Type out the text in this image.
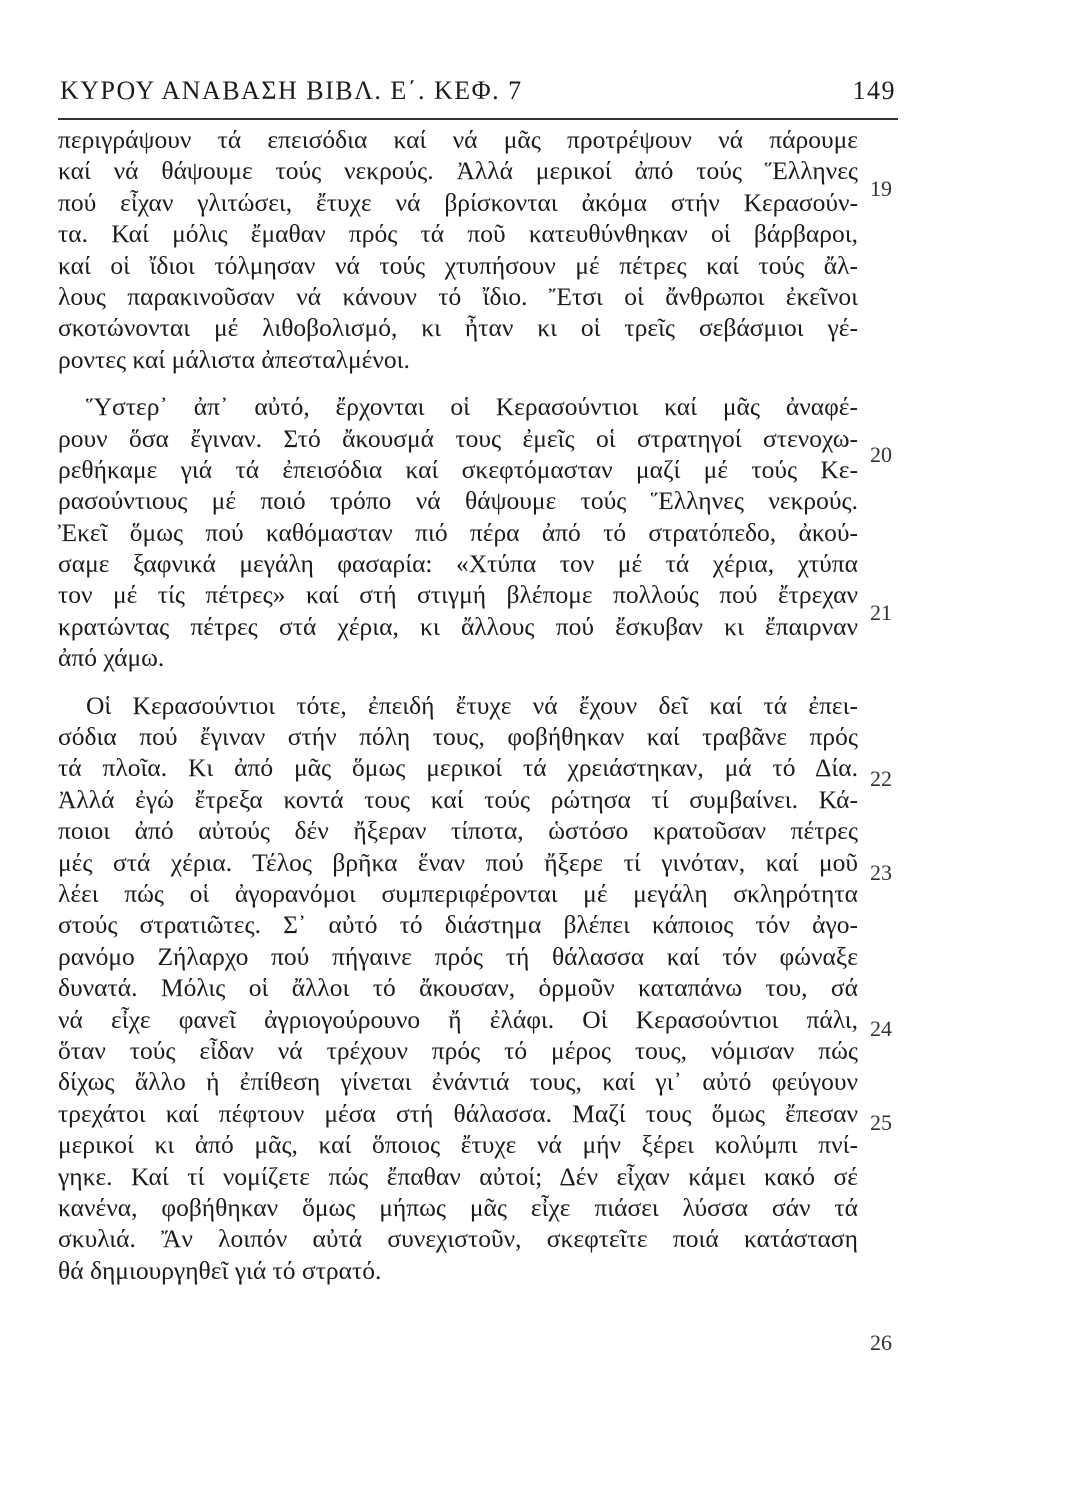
ΚΥΡΟΥ ΑΝΑΒΑΣΗ ΒΙΒΛ. Ε΄. ΚΕΦ. 7	149
περιγράψουν τά επεισόδια καί νά μᾶς προτρέψουν νά πάρουμε
καί νά θάψουμε τούς νεκρούς. Ἀλλά μερικοί ἀπό τούς Ἕλληνες
πού εἶχαν γλιτώσει, ἔτυχε νά βρίσκονται ἀκόμα στήν Κερασούν-
τα. Καί μόλις ἔμαθαν πρός τά ποῦ κατευθύνθηκαν οἱ βάρβαροι,
καί οἱ ἴδιοι τόλμησαν νά τούς χτυπήσουν μέ πέτρες καί τούς ἄλ-
λους παρακινοῦσαν νά κάνουν τό ἴδιο. Ἔτσι οἱ ἄνθρωποι ἐκεῖνοι
σκοτώνονται μέ λιθοβολισμό, κι ἦταν κι οἱ τρεῖς σεβάσμιοι γέ-
ροντες καί μάλιστα ἀπεσταλμένοι.
Ὕστερ᾽ ἀπ᾽ αὐτό, ἔρχονται οἱ Κερασούντιοι καί μᾶς ἀναφέ-
ρουν ὅσα ἔγιναν. Στό ἄκουσμά τους ἐμεῖς οἱ στρατηγοί στενοχω-
ρεθήκαμε γιά τά ἐπεισόδια καί σκεφτόμασταν μαζί μέ τούς Κε-
ρασούντιους μέ ποιό τρόπο νά θάψουμε τούς Ἕλληνες νεκρούς.
Ἐκεῖ ὅμως πού καθόμασταν πιό πέρα ἀπό τό στρατόπεδο, ἀκού-
σαμε ξαφνικά μεγάλη φασαρία: «Χτύπα τον μέ τά χέρια, χτύπα
τον μέ τίς πέτρες» καί στή στιγμή βλέπομε πολλούς πού ἔτρεχαν
κρατώντας πέτρες στά χέρια, κι ἄλλους πού ἔσκυβαν κι ἔπαιρναν
ἀπό χάμω.
Οἱ Κερασούντιοι τότε, ἐπειδή ἔτυχε νά ἔχουν δεῖ καί τά ἐπει-
σόδια πού ἔγιναν στήν πόλη τους, φοβήθηκαν καί τραβᾶνε πρός
τά πλοῖα. Κι ἀπό μᾶς ὅμως μερικοί τά χρειάστηκαν, μά τό Δία.
Ἀλλά ἐγώ ἔτρεξα κοντά τους καί τούς ρώτησα τί συμβαίνει. Κά-
ποιοι ἀπό αὐτούς δέν ἤξεραν τίποτα, ὡστόσο κρατοῦσαν πέτρες
μές στά χέρια. Τέλος βρῆκα ἕναν πού ἤξερε τί γινόταν, καί μοῦ
λέει πώς οἱ ἀγορανόμοι συμπεριφέρονται μέ μεγάλη σκληρότητα
στούς στρατιῶτες. Σ᾽ αὐτό τό διάστημα βλέπει κάποιος τόν ἀγο-
ρανόμο Ζήλαρχο πού πήγαινε πρός τή θάλασσα καί τόν φώναξε
δυνατά. Μόλις οἱ ἄλλοι τό ἄκουσαν, ὁρμοῦν καταπάνω του, σά
νά εἶχε φανεῖ ἀγριογούρουνο ἤ ἐλάφι. Οἱ Κερασούντιοι πάλι,
ὅταν τούς εἶδαν νά τρέχουν πρός τό μέρος τους, νόμισαν πώς
δίχως ἄλλο ἡ ἐπίθεση γίνεται ἐνάντιά τους, καί γι᾽ αὐτό φεύγουν
τρεχάτοι καί πέφτουν μέσα στή θάλασσα. Μαζί τους ὅμως ἔπεσαν
μερικοί κι ἀπό μᾶς, καί ὅποιος ἔτυχε νά μήν ξέρει κολύμπι πνί-
γηκε. Καί τί νομίζετε πώς ἔπαθαν αὐτοί; Δέν εἶχαν κάμει κακό σέ
κανένα, φοβήθηκαν ὅμως μήπως μᾶς εἶχε πιάσει λύσσα σάν τά
σκυλιά. Ἄν λοιπόν αὐτά συνεχιστοῦν, σκεφτεῖτε ποιά κατάσταση
θά δημιουργηθεῖ γιά τό στρατό.
19
20
21
22
23
24
25
26
